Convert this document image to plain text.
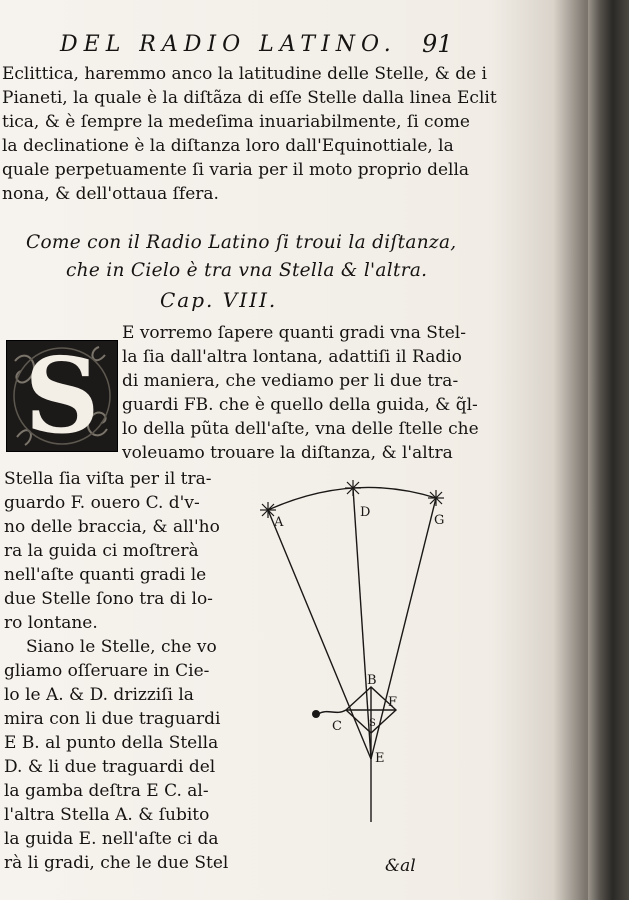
DEL RADIO LATINO. 91
Eclittica, haremmo anco la latitudine delle Stelle, & de i
Pianeti, la quale è la diſtãza di eſſe Stelle dalla linea Eclit
tica, & è ſempre la medeſima inuariabilmente, ſi come
la declinatione è la diſtanza loro dall'Equinottiale, la
quale perpetuamente ſi varia per il moto proprio della
nona, & dell'ottaua ſfera.
Come con il Radio Latino ſi troui la diſtanza,
che in Cielo è tra vna Stella & l'altra.
Cap. VIII.
S
E vorremo ſapere quanti gradi vna Stel-
la ſia dall'altra lontana, adattiſi il Radio
di maniera, che vediamo per li due tra-
guardi FB. che è quello della guida, & q̃l-
lo della pũta dell'aſte, vna delle ſtelle che
voleuamo trouare la diſtanza, & l'altra
Stella ſia viſta per il tra-
guardo F. ouero C. d'v-
no delle braccia, & all'ho
ra la guida ci moſtrerà
nell'aſte quanti gradi le
due Stelle ſono tra di lo-
ro lontane.
Siano le Stelle, che vo
gliamo oſſeruare in Cie-
lo le A. & D. drizziſi la
mira con li due traguardi
E B. al punto della Stella
D. & li due traguardi del
la gamba deſtra E C. al-
l'altra Stella A. & ſubito
la guida E. nell'aſte ci da
rà li gradi, che le due Stel
A
D
G
B
F
C	S
E
&al
